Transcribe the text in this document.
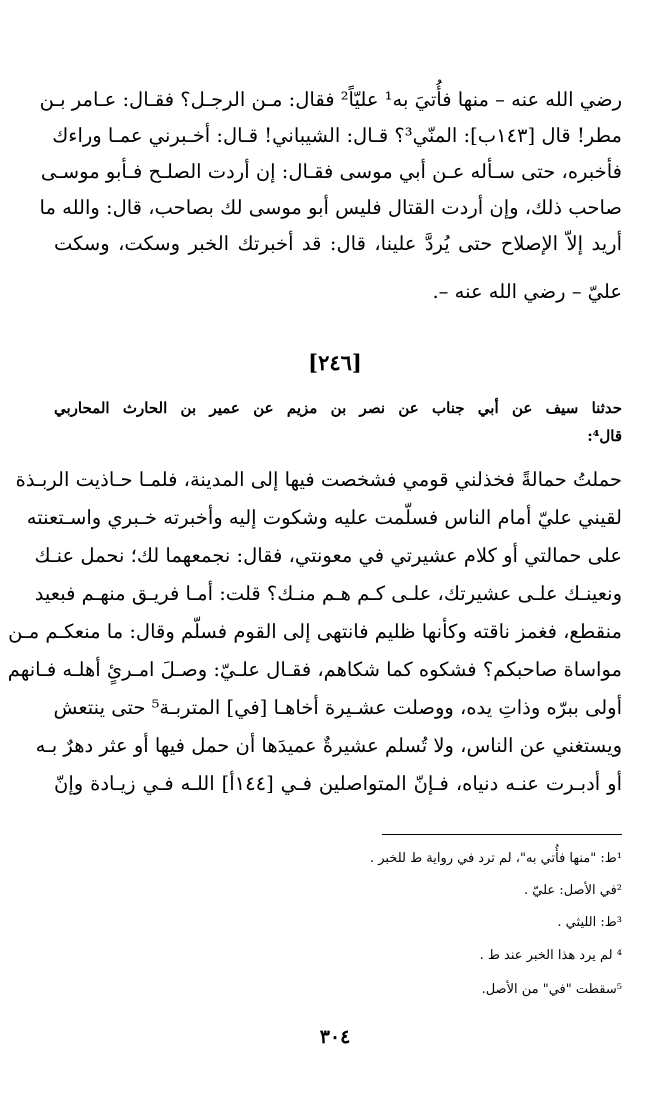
رضي الله عنه – منها فأُتيَ به¹ عليّاً² فقال: مـن الرجـل؟ فقـال: عـامر بـن
مطر! قال [١٤٣ب]: المنّي³؟ قـال: الشيباني! قـال: أخـبرني عمـا وراءك
فأخبره، حتى سـأله عـن أبي موسى فقـال: إن أردت الصلـح فـأبو موسـى
صاحب ذلك، وإن أردت القتال فليس أبو موسى لك بصاحب، قال: والله ما
أريد إلاّ الإصلاح حتى يُردَّ علينا، قال: قد أخبرتك الخبر وسكت، وسكت
عليّ – رضي الله عنه –.
[٢٤٦]
حدثنا سيف عن أبي جناب عن نصر بن مزيم عن عمير بن الحارث المحاربي
قال⁴:
حملتُ حمالةً فخذلني قومي فشخصت فيها إلى المدينة، فلمـا حـاذيت الربـذة
لقيني عليّ أمام الناس فسلّمت عليه وشكوت إليه وأخبرته خـبري واسـتعنته
على حمالتي أو كلام عشيرتي في معونتي، فقال: نجمعهما لك؛ نحمل عنـك
ونعينـك علـى عشيرتك، علـى كـم هـم منـك؟ قلت: أمـا فريـق منهـم فبعيد
منقطع، فغمز ناقته وكأنها ظليم فانتهى إلى القوم فسلّم وقال: ما منعكـم مـن
مواساة صاحبكم؟ فشكوه كما شكاهم، فقـال علـيّ: وصـلَ امـرئٍ أهلـه فـانهم
أولى ببرّه وذاتِ يده، ووصلت عشـيرة أخاهـا [في] المتربـة⁵ حتى ينتعش
ويستغني عن الناس، ولا تُسلم عشيرةٌ عميدَها أن حمل فيها أو عثر دهرٌ بـه
أو أدبـرت عنـه دنياه، فـإنّ المتواصلين فـي [١٤٤أ] اللـه فـي زيـادة وإنّ
¹ط: "منها فأُتي به"، لم ترد في رواية ط للخبر .
²في الأصل: عليّ .
³ط: الليثي .
⁴ لم يرد هذا الخبر عند ط .
⁵سقطت "في" من الأصل.
٣٠٤
